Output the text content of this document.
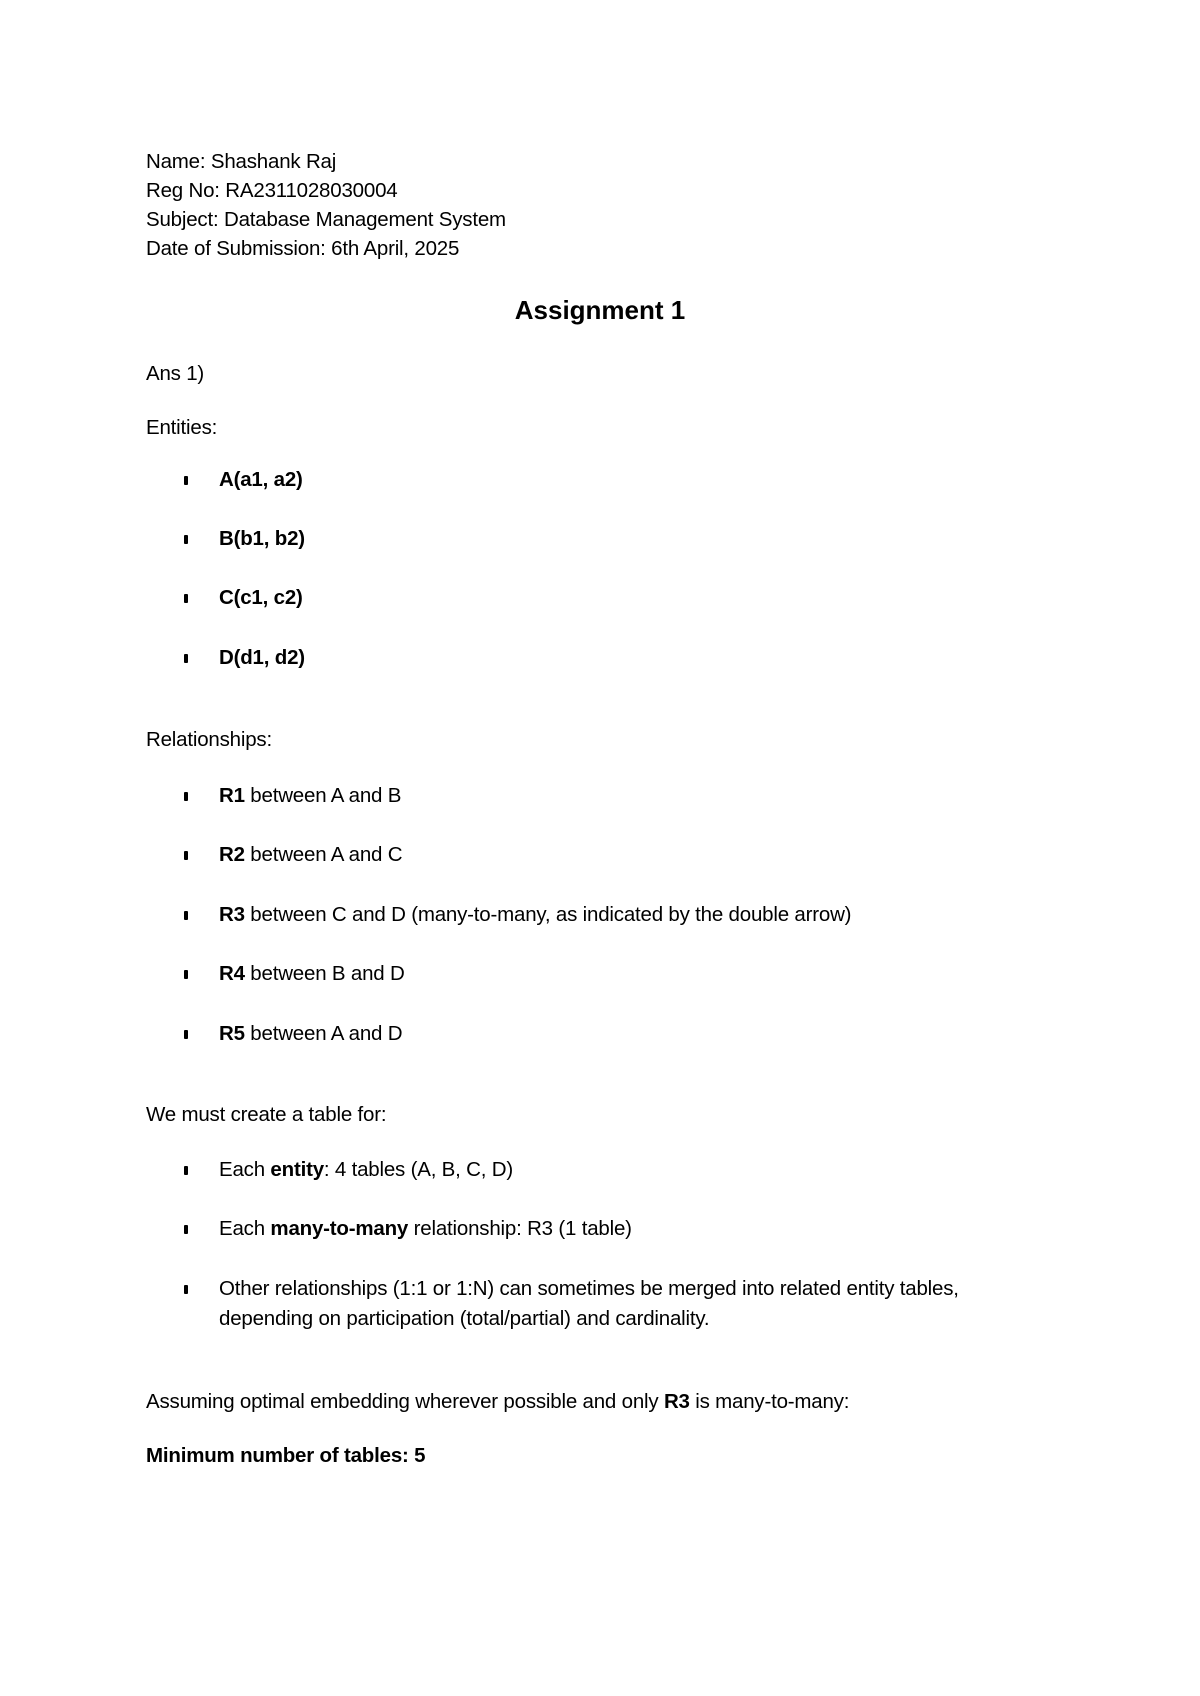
Name: Shashank Raj
Reg No: RA2311028030004
Subject: Database Management System
Date of Submission: 6th April, 2025
Assignment 1
Ans 1)
Entities:
A(a1, a2)
B(b1, b2)
C(c1, c2)
D(d1, d2)
Relationships:
R1 between A and B
R2 between A and C
R3 between C and D (many-to-many, as indicated by the double arrow)
R4 between B and D
R5 between A and D
We must create a table for:
Each entity: 4 tables (A, B, C, D)
Each many-to-many relationship: R3 (1 table)
Other relationships (1:1 or 1:N) can sometimes be merged into related entity tables, depending on participation (total/partial) and cardinality.
Assuming optimal embedding wherever possible and only R3 is many-to-many:
Minimum number of tables: 5
